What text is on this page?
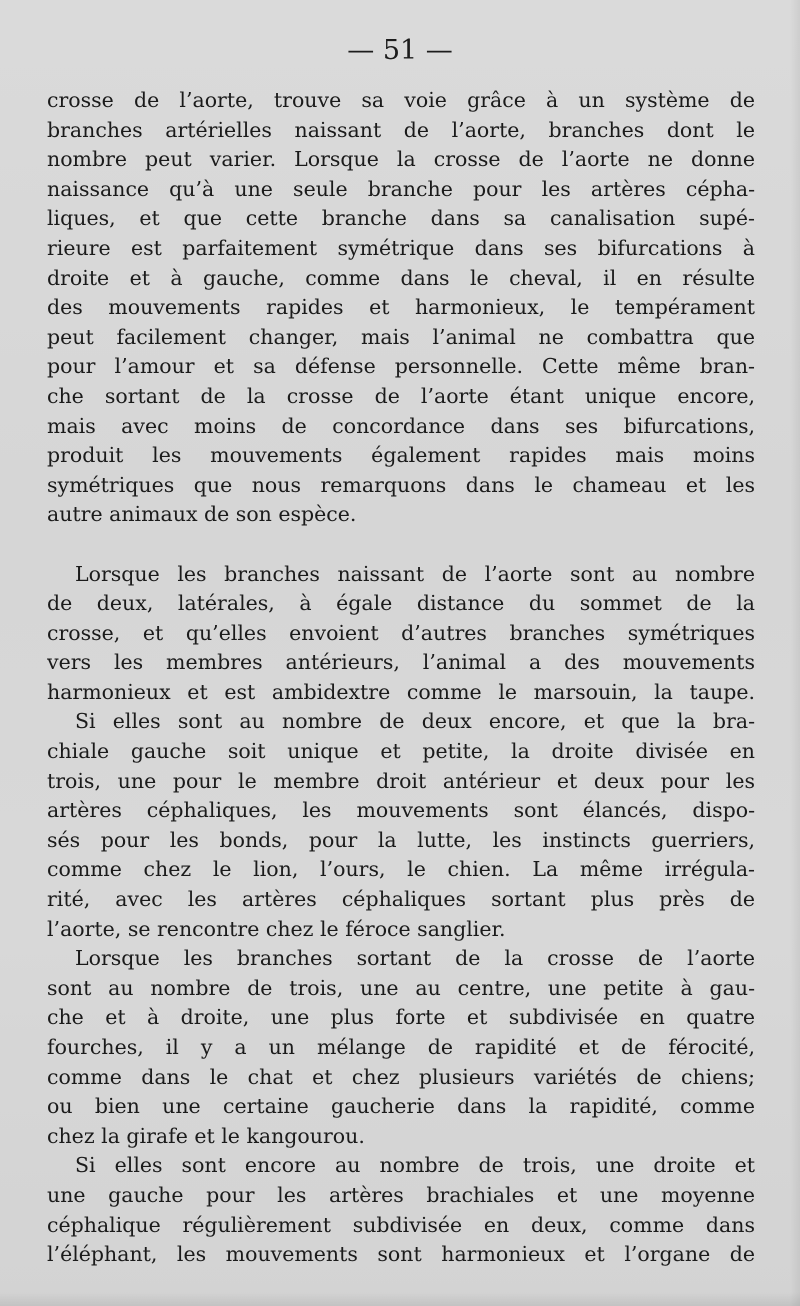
— 51 —
crosse de l’aorte, trouve sa voie grâce à un système de
branches artérielles naissant de l’aorte, branches dont le
nombre peut varier. Lorsque la crosse de l’aorte ne donne
naissance qu’à une seule branche pour les artères cépha-
liques, et que cette branche dans sa canalisation supé-
rieure est parfaitement symétrique dans ses bifurcations à
droite et à gauche, comme dans le cheval, il en résulte
des mouvements rapides et harmonieux, le tempérament
peut facilement changer, mais l’animal ne combattra que
pour l’amour et sa défense personnelle. Cette même bran-
che sortant de la crosse de l’aorte étant unique encore,
mais avec moins de concordance dans ses bifurcations,
produit les mouvements également rapides mais moins
symétriques que nous remarquons dans le chameau et les
autre animaux de son espèce.
Lorsque les branches naissant de l’aorte sont au nombre
de deux, latérales, à égale distance du sommet de la
crosse, et qu’elles envoient d’autres branches symétriques
vers les membres antérieurs, l’animal a des mouvements
harmonieux et est ambidextre comme le marsouin, la taupe.
Si elles sont au nombre de deux encore, et que la bra-
chiale gauche soit unique et petite, la droite divisée en
trois, une pour le membre droit antérieur et deux pour les
artères céphaliques, les mouvements sont élancés, dispo-
sés pour les bonds, pour la lutte, les instincts guerriers,
comme chez le lion, l’ours, le chien. La même irrégula-
rité, avec les artères céphaliques sortant plus près de
l’aorte, se rencontre chez le féroce sanglier.
Lorsque les branches sortant de la crosse de l’aorte
sont au nombre de trois, une au centre, une petite à gau-
che et à droite, une plus forte et subdivisée en quatre
fourches, il y a un mélange de rapidité et de férocité,
comme dans le chat et chez plusieurs variétés de chiens;
ou bien une certaine gaucherie dans la rapidité, comme
chez la girafe et le kangourou.
Si elles sont encore au nombre de trois, une droite et
une gauche pour les artères brachiales et une moyenne
céphalique régulièrement subdivisée en deux, comme dans
l’éléphant, les mouvements sont harmonieux et l’organe de
